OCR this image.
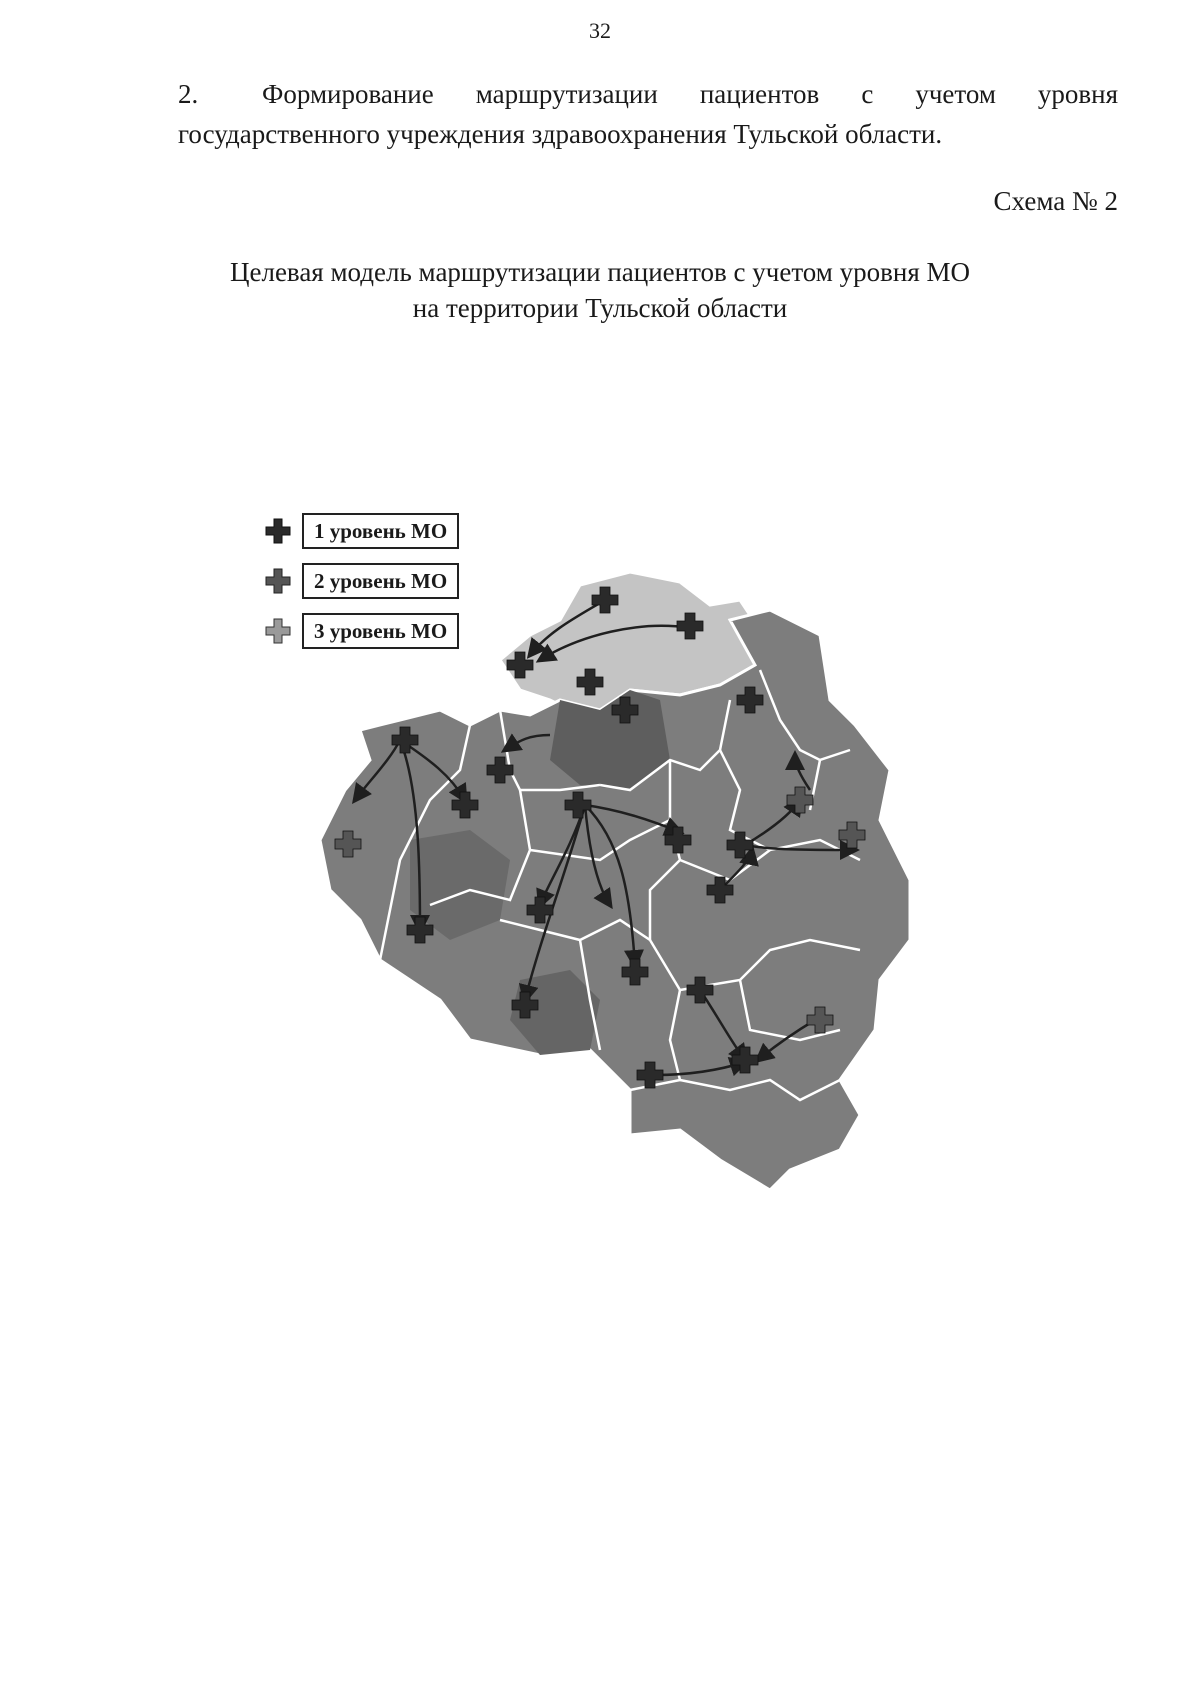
32
2. Формирование маршрутизации пациентов с учетом уровня
государственного учреждения здравоохранения Тульской области.
Схема № 2
Целевая модель маршрутизации пациентов с учетом уровня МО
на территории Тульской области
1 уровень МО
2 уровень МО
3 уровень МО
